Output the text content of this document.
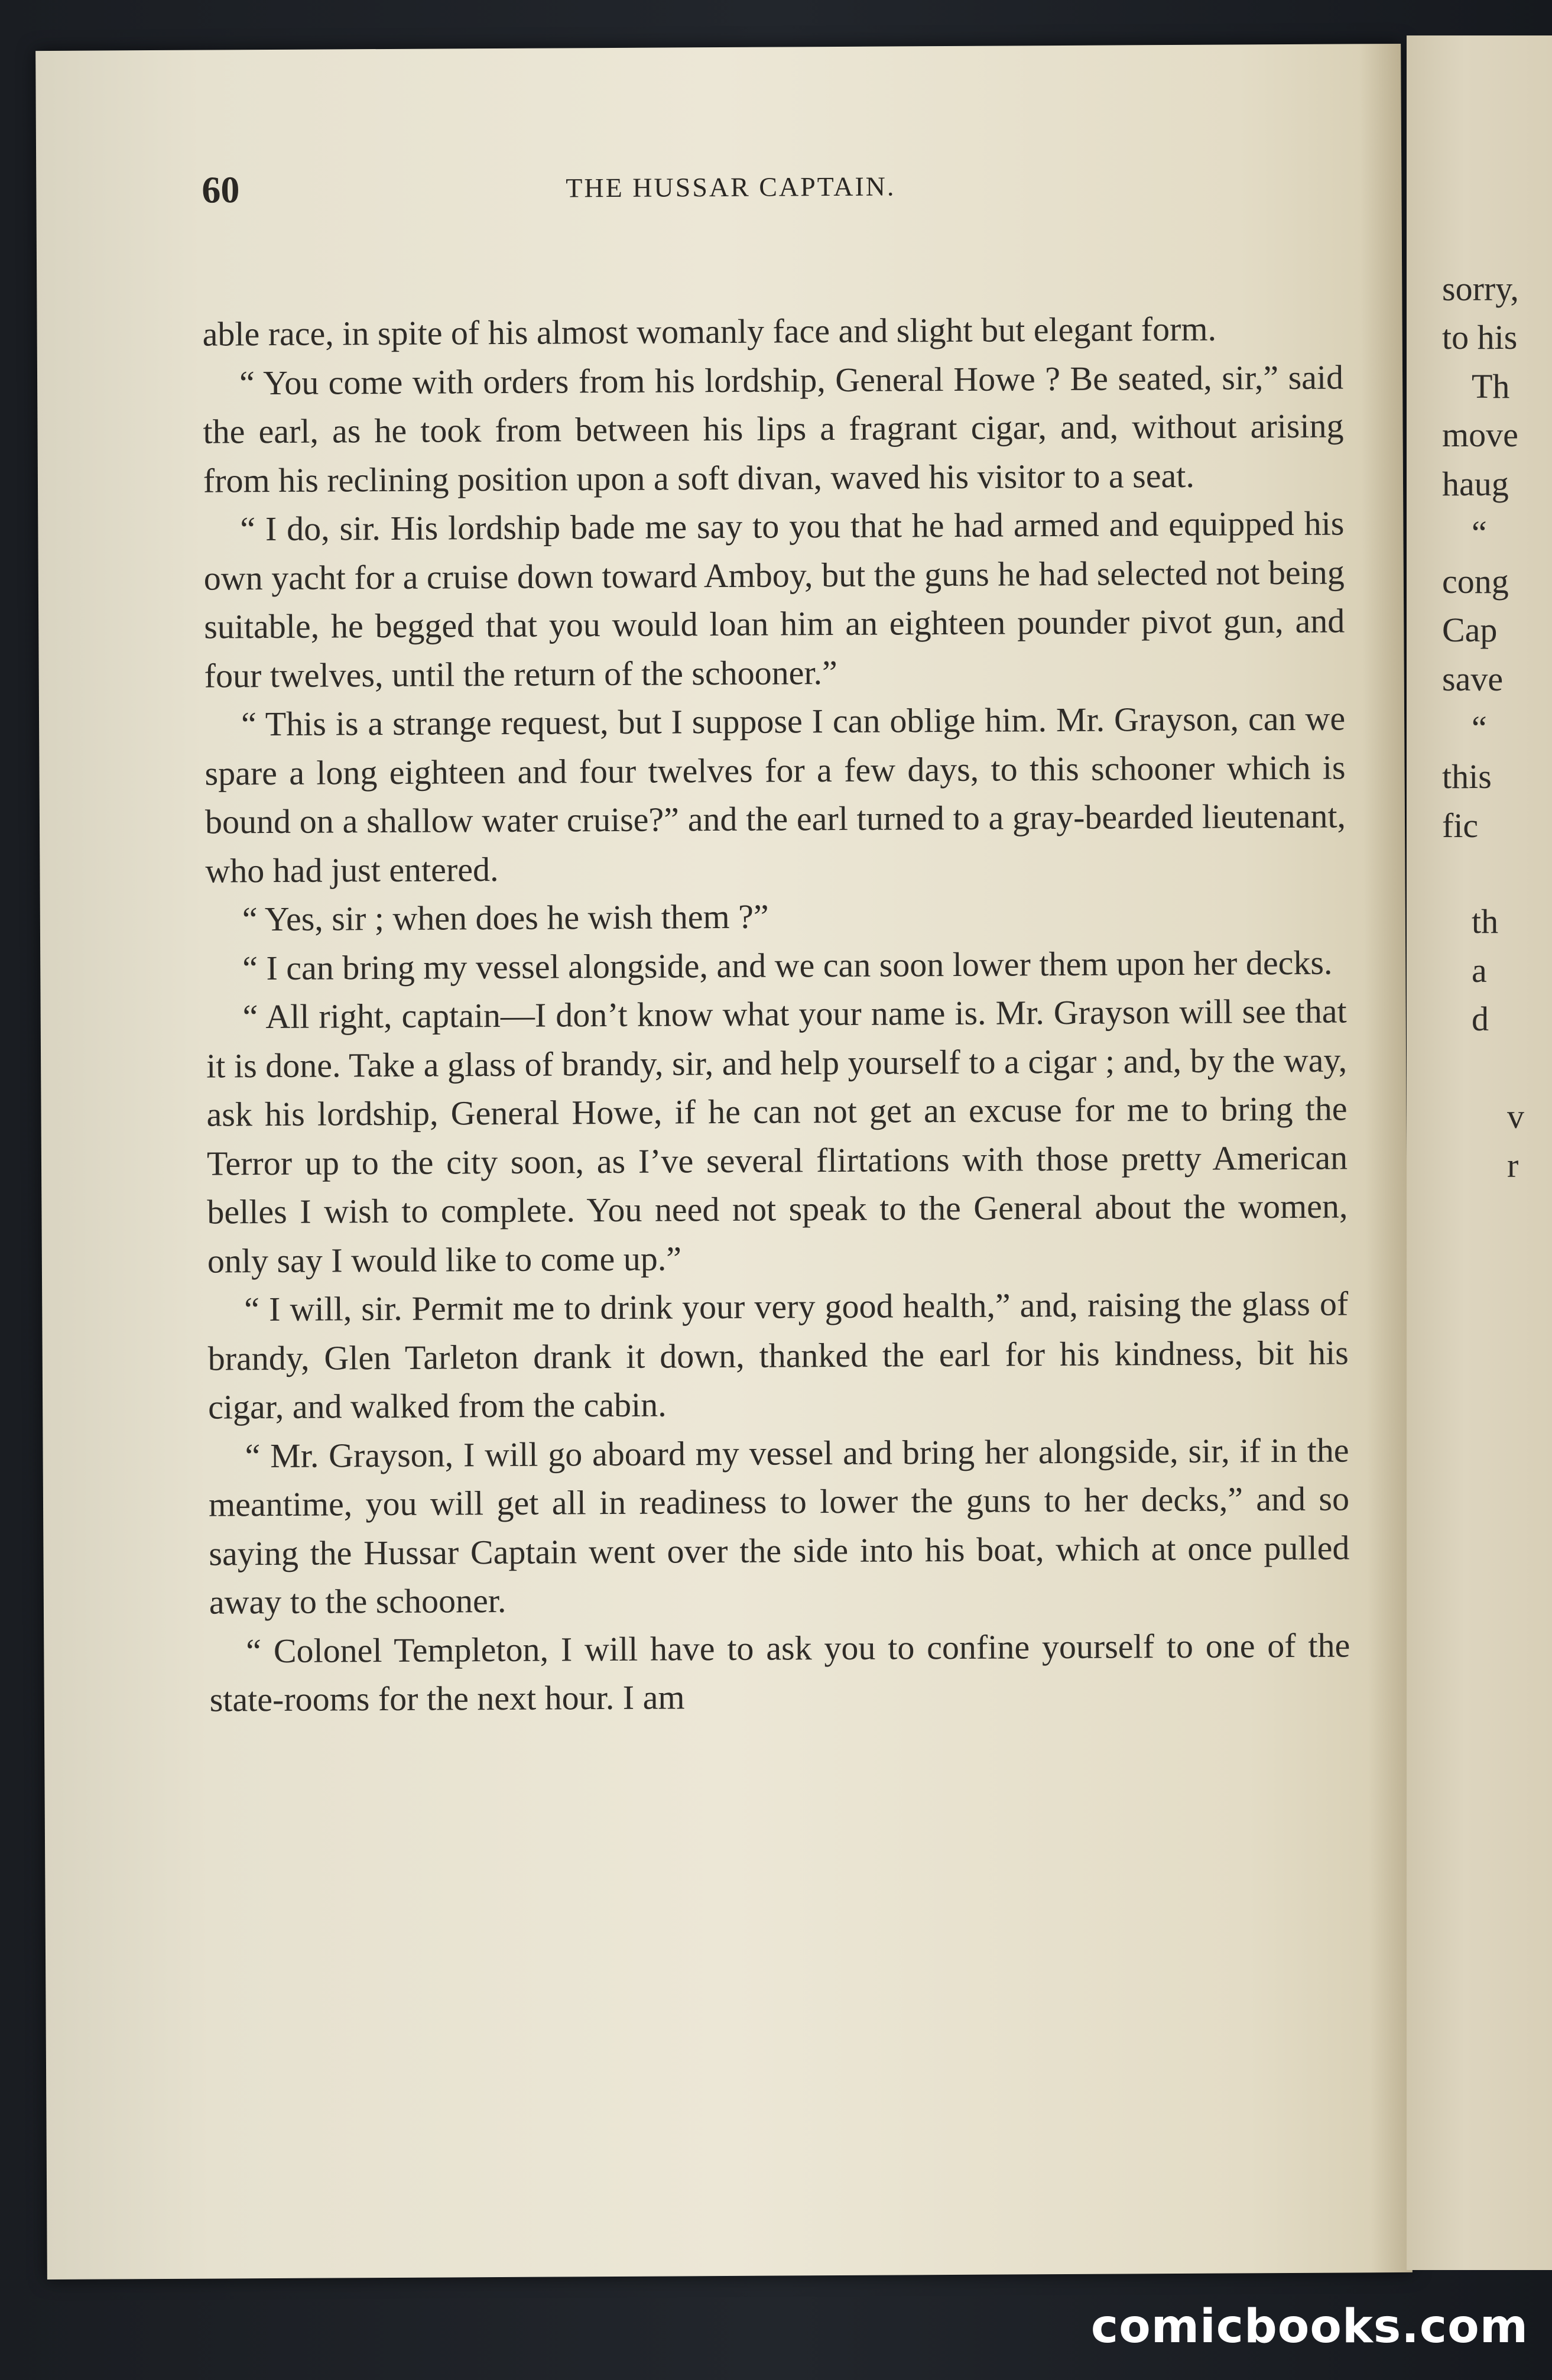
60	THE HUSSAR CAPTAIN.

able race, in spite of his almost womanly face and slight but elegant form.

“ You come with orders from his lordship, General Howe ? Be seated, sir,” said the earl, as he took from between his lips a fragrant cigar, and, without arising from his reclining position upon a soft divan, waved his visitor to a seat.

“ I do, sir. His lordship bade me say to you that he had armed and equipped his own yacht for a cruise down toward Amboy, but the guns he had selected not being suitable, he begged that you would loan him an eighteen pounder pivot gun, and four twelves, until the return of the schooner.”

“ This is a strange request, but I suppose I can oblige him. Mr. Grayson, can we spare a long eighteen and four twelves for a few days, to this schooner which is bound on a shallow water cruise?” and the earl turned to a gray-bearded lieutenant, who had just entered.

“ Yes, sir ; when does he wish them ?”

“ I can bring my vessel alongside, and we can soon lower them upon her decks.

“ All right, captain—I don’t know what your name is. Mr. Grayson will see that it is done. Take a glass of brandy, sir, and help yourself to a cigar ; and, by the way, ask his lordship, General Howe, if he can not get an excuse for me to bring the Terror up to the city soon, as I’ve several flirtations with those pretty American belles I wish to complete. You need not speak to the General about the women, only say I would like to come up.”

“ I will, sir. Permit me to drink your very good health,” and, raising the glass of brandy, Glen Tarleton drank it down, thanked the earl for his kindness, bit his cigar, and walked from the cabin.

“ Mr. Grayson, I will go aboard my vessel and bring her alongside, sir, if in the meantime, you will get all in readiness to lower the guns to her decks,” and so saying the Hussar Captain went over the side into his boat, which at once pulled away to the schooner.

“ Colonel Templeton, I will have to ask you to confine yourself to one of the state-rooms for the next hour. I am

sorry,
to his
Th
move
haug
“
cong
Cap
save
“
this
fic
th
a
d
v
r
comicbooks.com
